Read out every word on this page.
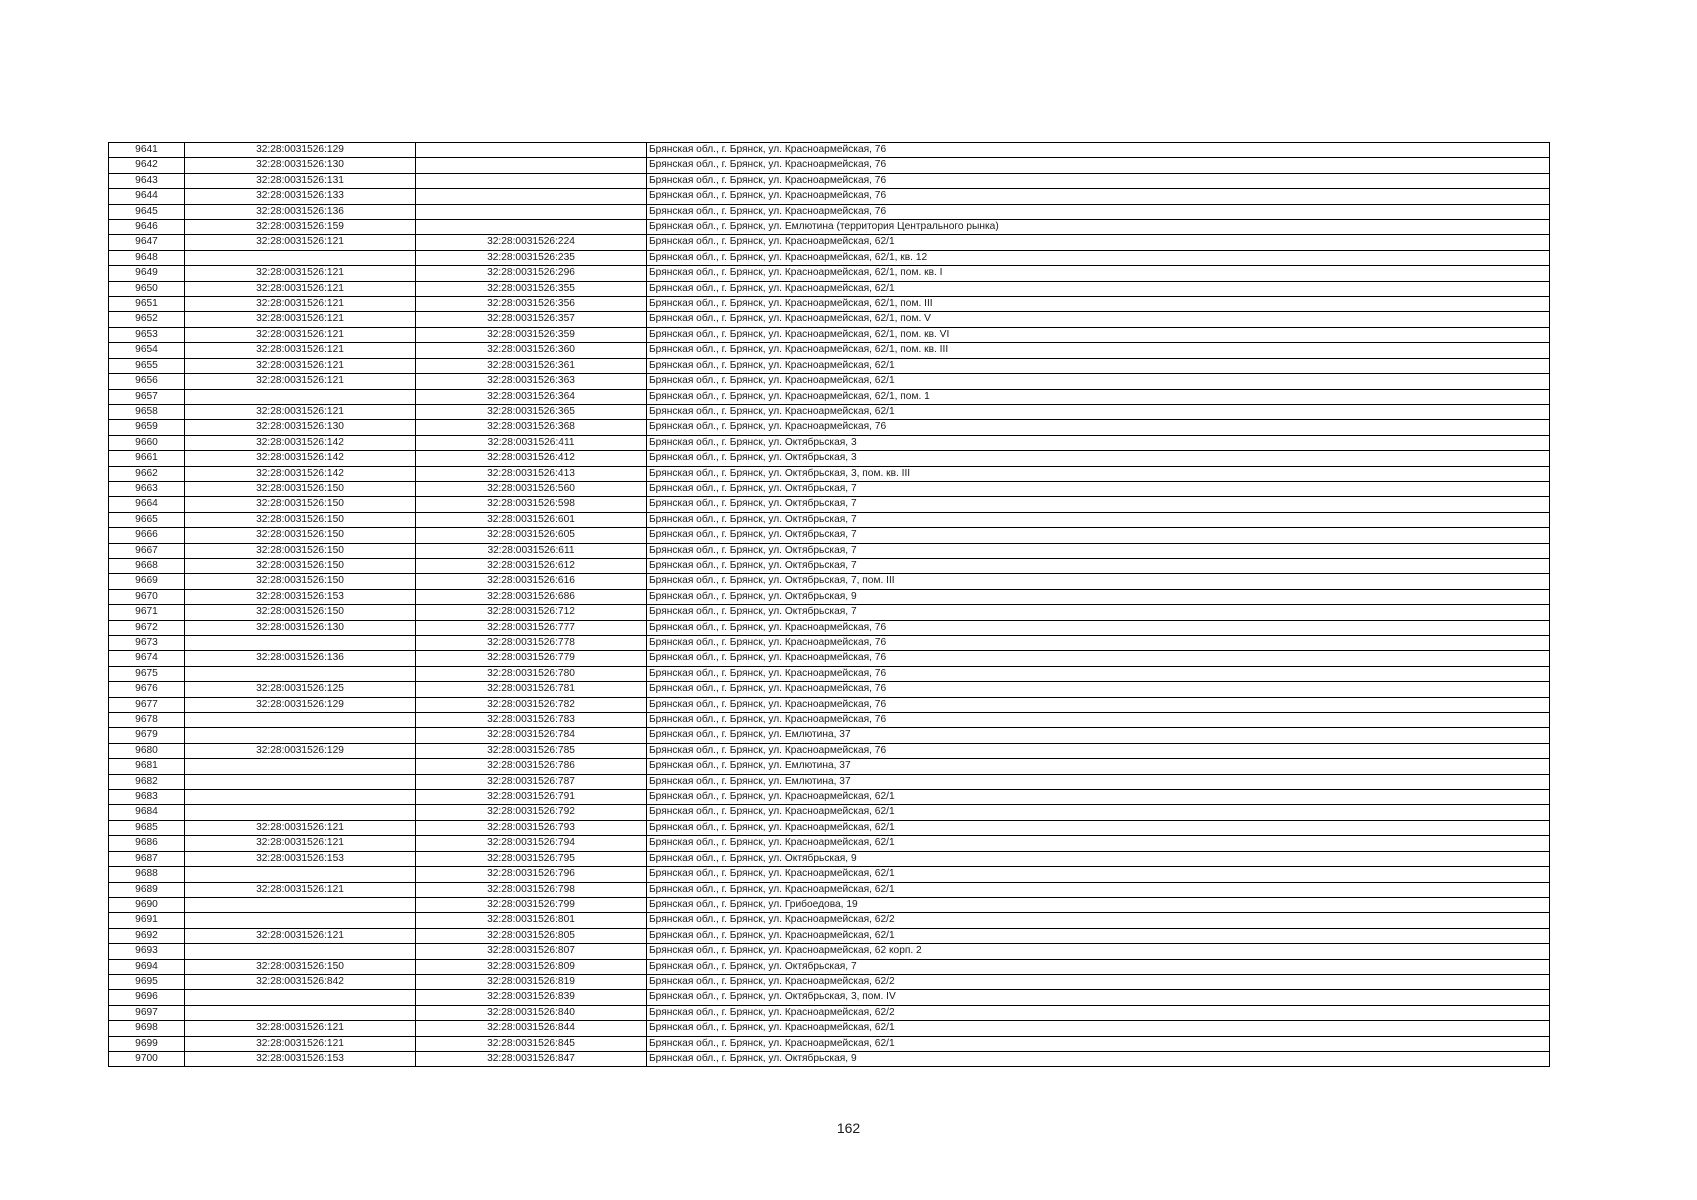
9641	32:28:0031526:129		Брянская обл., г. Брянск, ул. Красноармейская, 76
9642	32:28:0031526:130		Брянская обл., г. Брянск, ул. Красноармейская, 76
9643	32:28:0031526:131		Брянская обл., г. Брянск, ул. Красноармейская, 76
9644	32:28:0031526:133		Брянская обл., г. Брянск, ул. Красноармейская, 76
9645	32:28:0031526:136		Брянская обл., г. Брянск, ул. Красноармейская, 76
9646	32:28:0031526:159		Брянская обл., г. Брянск, ул. Емлютина (территория Центрального рынка)
9647	32:28:0031526:121	32:28:0031526:224	Брянская обл., г. Брянск, ул. Красноармейская, 62/1
9648		32:28:0031526:235	Брянская обл., г. Брянск, ул. Красноармейская, 62/1, кв. 12
9649	32:28:0031526:121	32:28:0031526:296	Брянская обл., г. Брянск, ул. Красноармейская, 62/1, пом. кв. I
9650	32:28:0031526:121	32:28:0031526:355	Брянская обл., г. Брянск, ул. Красноармейская, 62/1
9651	32:28:0031526:121	32:28:0031526:356	Брянская обл., г. Брянск, ул. Красноармейская, 62/1, пом. III
9652	32:28:0031526:121	32:28:0031526:357	Брянская обл., г. Брянск, ул. Красноармейская, 62/1, пом. V
9653	32:28:0031526:121	32:28:0031526:359	Брянская обл., г. Брянск, ул. Красноармейская, 62/1, пом. кв. VI
9654	32:28:0031526:121	32:28:0031526:360	Брянская обл., г. Брянск, ул. Красноармейская, 62/1, пом. кв. III
9655	32:28:0031526:121	32:28:0031526:361	Брянская обл., г. Брянск, ул. Красноармейская, 62/1
9656	32:28:0031526:121	32:28:0031526:363	Брянская обл., г. Брянск, ул. Красноармейская, 62/1
9657		32:28:0031526:364	Брянская обл., г. Брянск, ул. Красноармейская, 62/1, пом. 1
9658	32:28:0031526:121	32:28:0031526:365	Брянская обл., г. Брянск, ул. Красноармейская, 62/1
9659	32:28:0031526:130	32:28:0031526:368	Брянская обл., г. Брянск, ул. Красноармейская, 76
9660	32:28:0031526:142	32:28:0031526:411	Брянская обл., г. Брянск, ул. Октябрьская, 3
9661	32:28:0031526:142	32:28:0031526:412	Брянская обл., г. Брянск, ул. Октябрьская, 3
9662	32:28:0031526:142	32:28:0031526:413	Брянская обл., г. Брянск, ул. Октябрьская, 3, пом. кв. III
9663	32:28:0031526:150	32:28:0031526:560	Брянская обл., г. Брянск, ул. Октябрьская, 7
9664	32:28:0031526:150	32:28:0031526:598	Брянская обл., г. Брянск, ул. Октябрьская, 7
9665	32:28:0031526:150	32:28:0031526:601	Брянская обл., г. Брянск, ул. Октябрьская, 7
9666	32:28:0031526:150	32:28:0031526:605	Брянская обл., г. Брянск, ул. Октябрьская, 7
9667	32:28:0031526:150	32:28:0031526:611	Брянская обл., г. Брянск, ул. Октябрьская, 7
9668	32:28:0031526:150	32:28:0031526:612	Брянская обл., г. Брянск, ул. Октябрьская, 7
9669	32:28:0031526:150	32:28:0031526:616	Брянская обл., г. Брянск, ул. Октябрьская, 7, пом. III
9670	32:28:0031526:153	32:28:0031526:686	Брянская обл., г. Брянск, ул. Октябрьская, 9
9671	32:28:0031526:150	32:28:0031526:712	Брянская обл., г. Брянск, ул. Октябрьская, 7
9672	32:28:0031526:130	32:28:0031526:777	Брянская обл., г. Брянск, ул. Красноармейская, 76
9673		32:28:0031526:778	Брянская обл., г. Брянск, ул. Красноармейская, 76
9674	32:28:0031526:136	32:28:0031526:779	Брянская обл., г. Брянск, ул. Красноармейская, 76
9675		32:28:0031526:780	Брянская обл., г. Брянск, ул. Красноармейская, 76
9676	32:28:0031526:125	32:28:0031526:781	Брянская обл., г. Брянск, ул. Красноармейская, 76
9677	32:28:0031526:129	32:28:0031526:782	Брянская обл., г. Брянск, ул. Красноармейская, 76
9678		32:28:0031526:783	Брянская обл., г. Брянск, ул. Красноармейская, 76
9679		32:28:0031526:784	Брянская обл., г. Брянск, ул. Емлютина, 37
9680	32:28:0031526:129	32:28:0031526:785	Брянская обл., г. Брянск, ул. Красноармейская, 76
9681		32:28:0031526:786	Брянская обл., г. Брянск, ул. Емлютина, 37
9682		32:28:0031526:787	Брянская обл., г. Брянск, ул. Емлютина, 37
9683		32:28:0031526:791	Брянская обл., г. Брянск, ул. Красноармейская, 62/1
9684		32:28:0031526:792	Брянская обл., г. Брянск, ул. Красноармейская, 62/1
9685	32:28:0031526:121	32:28:0031526:793	Брянская обл., г. Брянск, ул. Красноармейская, 62/1
9686	32:28:0031526:121	32:28:0031526:794	Брянская обл., г. Брянск, ул. Красноармейская, 62/1
9687	32:28:0031526:153	32:28:0031526:795	Брянская обл., г. Брянск, ул. Октябрьская, 9
9688		32:28:0031526:796	Брянская обл., г. Брянск, ул. Красноармейская, 62/1
9689	32:28:0031526:121	32:28:0031526:798	Брянская обл., г. Брянск, ул. Красноармейская, 62/1
9690		32:28:0031526:799	Брянская обл., г. Брянск, ул. Грибоедова, 19
9691		32:28:0031526:801	Брянская обл., г. Брянск, ул. Красноармейская, 62/2
9692	32:28:0031526:121	32:28:0031526:805	Брянская обл., г. Брянск, ул. Красноармейская, 62/1
9693		32:28:0031526:807	Брянская обл., г. Брянск, ул. Красноармейская, 62 корп. 2
9694	32:28:0031526:150	32:28:0031526:809	Брянская обл., г. Брянск, ул. Октябрьская, 7
9695	32:28:0031526:842	32:28:0031526:819	Брянская обл., г. Брянск, ул. Красноармейская, 62/2
9696		32:28:0031526:839	Брянская обл., г. Брянск, ул. Октябрьская, 3, пом. IV
9697		32:28:0031526:840	Брянская обл., г. Брянск, ул. Красноармейская, 62/2
9698	32:28:0031526:121	32:28:0031526:844	Брянская обл., г. Брянск, ул. Красноармейская, 62/1
9699	32:28:0031526:121	32:28:0031526:845	Брянская обл., г. Брянск, ул. Красноармейская, 62/1
9700	32:28:0031526:153	32:28:0031526:847	Брянская обл., г. Брянск, ул. Октябрьская, 9
162
